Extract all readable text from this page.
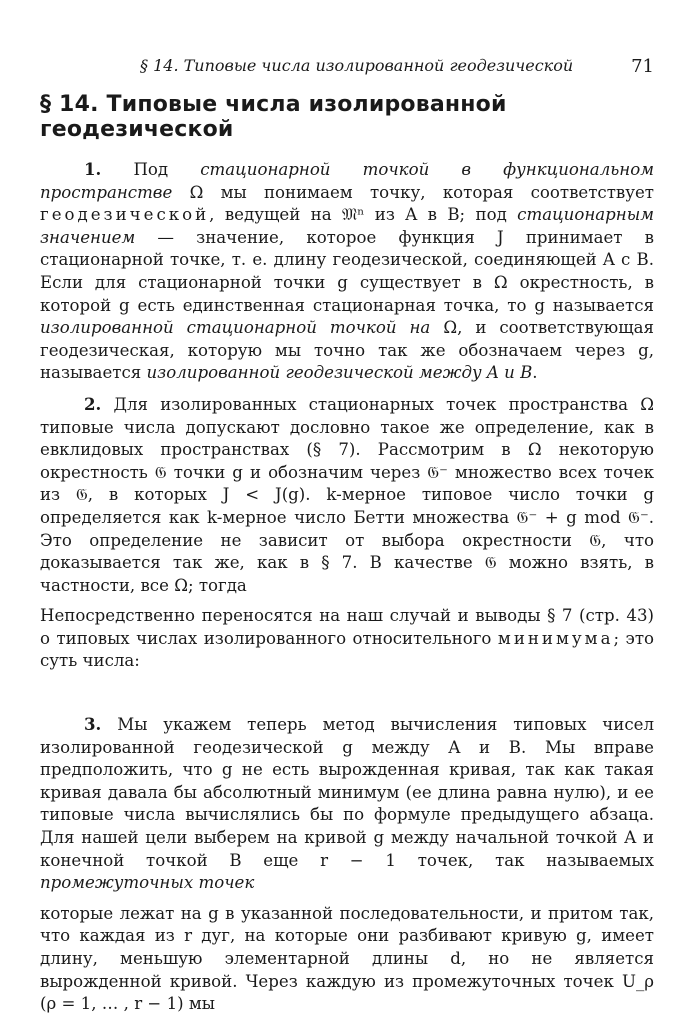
§ 14. Типовые числа изолированной геодезической	71
§ 14. Типовые числа изолированной геодезической

1. Под стационарной точкой в функциональном пространстве Ω мы понимаем точку, которая соответствует геодезической, ведущей на 𝔐ⁿ из A в B; под стационарным значением — значение, которое функция J принимает в стационарной точке, т. е. длину геодезической, соединяющей A с B. Если для стационарной точки g существует в Ω окрестность, в которой g есть единственная стационарная точка, то g называется изолированной стационарной точкой на Ω, и соответствующая геодезическая, которую мы точно так же обозначаем через g, называется изолированной геодезической между A и B.

2. Для изолированных стационарных точек пространства Ω типовые числа допускают дословно такое же определение, как в евклидовых пространствах (§ 7). Рассмотрим в Ω некоторую окрестность 𝔊 точки g и обозначим через 𝔊⁻ множество всех точек из 𝔊, в которых J < J(g). k-мерное типовое число точки g определяется как k-мерное число Бетти множества 𝔊⁻ + g mod 𝔊⁻. Это определение не зависит от выбора окрестности 𝔊, что доказывается так же, как в § 7. В качестве 𝔊 можно взять, в частности, все Ω; тогда

Непосредственно переносятся на наш случай и выводы § 7 (стр. 43) о типовых числах изолированного относительного минимума; это суть числа:

3. Мы укажем теперь метод вычисления типовых чисел изолированной геодезической g между A и B. Мы вправе предположить, что g не есть вырожденная кривая, так как такая кривая давала бы абсолютный минимум (ее длина равна нулю), и ее типовые числа вычислялись бы по формуле предыдущего абзаца. Для нашей цели выберем на кривой g между начальной точкой A и конечной точкой B еще r − 1 точек, так называемых промежуточных точек

которые лежат на g в указанной последовательности, и притом так, что каждая из r дуг, на которые они разбивают кривую g, имеет длину, меньшую элементарной длины d, но не является вырожденной кривой. Через каждую из промежуточных точек U_ρ (ρ = 1, … , r − 1) мы
